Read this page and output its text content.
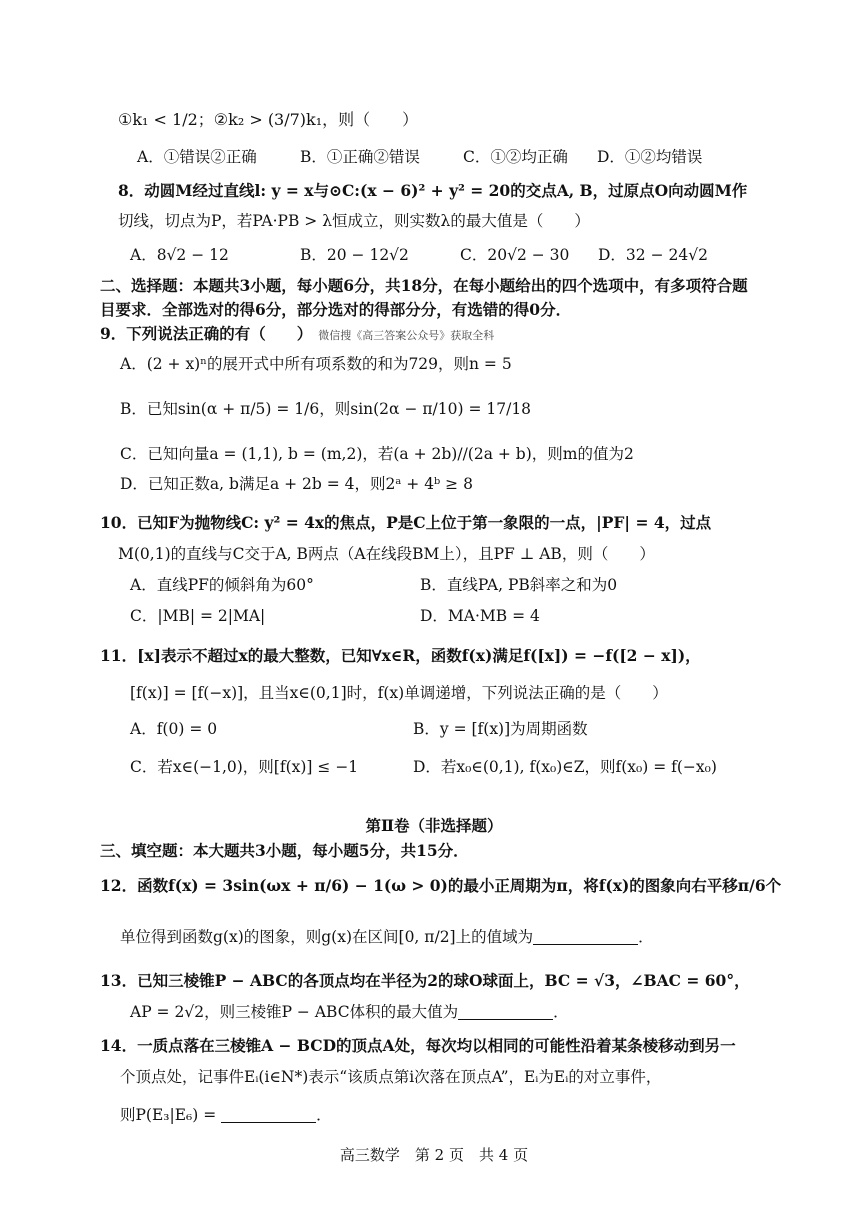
①k₁ < 1/2；②k₂ > (3/7)k₁，则（　　）
A．①错误②正确	B．①正确②错误	C．①②均正确 D．①②均错误
8．动圆M经过直线l: y = x与⊙C:(x − 6)² + y² = 20的交点A, B，过原点O向动圆M作
切线，切点为P，若PA·PB > λ恒成立，则实数λ的最大值是（　　）
A．8√2 − 12	B．20 − 12√2	C．20√2 − 30 D．32 − 24√2
二、选择题：本题共3小题，每小题6分，共18分，在每小题给出的四个选项中，有多项符合题
目要求．全部选对的得6分，部分选对的得部分分，有选错的得0分．
9．下列说法正确的有（　　） 微信搜《高三答案公众号》获取全科
A．(2 + x)ⁿ的展开式中所有项系数的和为729，则n = 5
B．已知sin(α + π/5) = 1/6，则sin(2α − π/10) = 17/18
C．已知向量a = (1,1), b = (m,2)，若(a + 2b)//(2a + b)，则m的值为2
D．已知正数a, b满足a + 2b = 4，则2ᵃ + 4ᵇ ≥ 8
10．已知F为抛物线C: y² = 4x的焦点，P是C上位于第一象限的一点，|PF| = 4，过点
M(0,1)的直线与C交于A, B两点（A在线段BM上），且PF ⊥ AB，则（　　）
A．直线PF的倾斜角为60°	B．直线PA, PB斜率之和为0
C．|MB| = 2|MA|	D．MA·MB = 4
11．[x]表示不超过x的最大整数，已知∀x∈R，函数f(x)满足f([x]) = −f([2 − x])，
[f(x)] = [f(−x)]，且当x∈(0,1]时，f(x)单调递增，下列说法正确的是（　　）
A．f(0) = 0	B．y = [f(x)]为周期函数
C．若x∈(−1,0)，则[f(x)] ≤ −1	D．若x₀∈(0,1), f(x₀)∈Z，则f(x₀) = f(−x₀)
第Ⅱ卷（非选择题）
三、填空题：本大题共3小题，每小题5分，共15分．
12．函数f(x) = 3sin(ωx + π/6) − 1(ω > 0)的最小正周期为π，将f(x)的图象向右平移π/6个
单位得到函数g(x)的图象，则g(x)在区间[0, π/2]上的值域为	．
13．已知三棱锥P − ABC的各顶点均在半径为2的球O球面上，BC = √3，∠BAC = 60°，
AP = 2√2，则三棱锥P − ABC体积的最大值为	．
14．一质点落在三棱锥A − BCD的顶点A处，每次均以相同的可能性沿着某条棱移动到另一
个顶点处，记事件Eᵢ(i∈N*)表示“该质点第i次落在顶点A”，Eᵢ为Eᵢ的对立事件，
则P(E₃|E₆) =	．
高三数学　第 2 页　共 4 页
